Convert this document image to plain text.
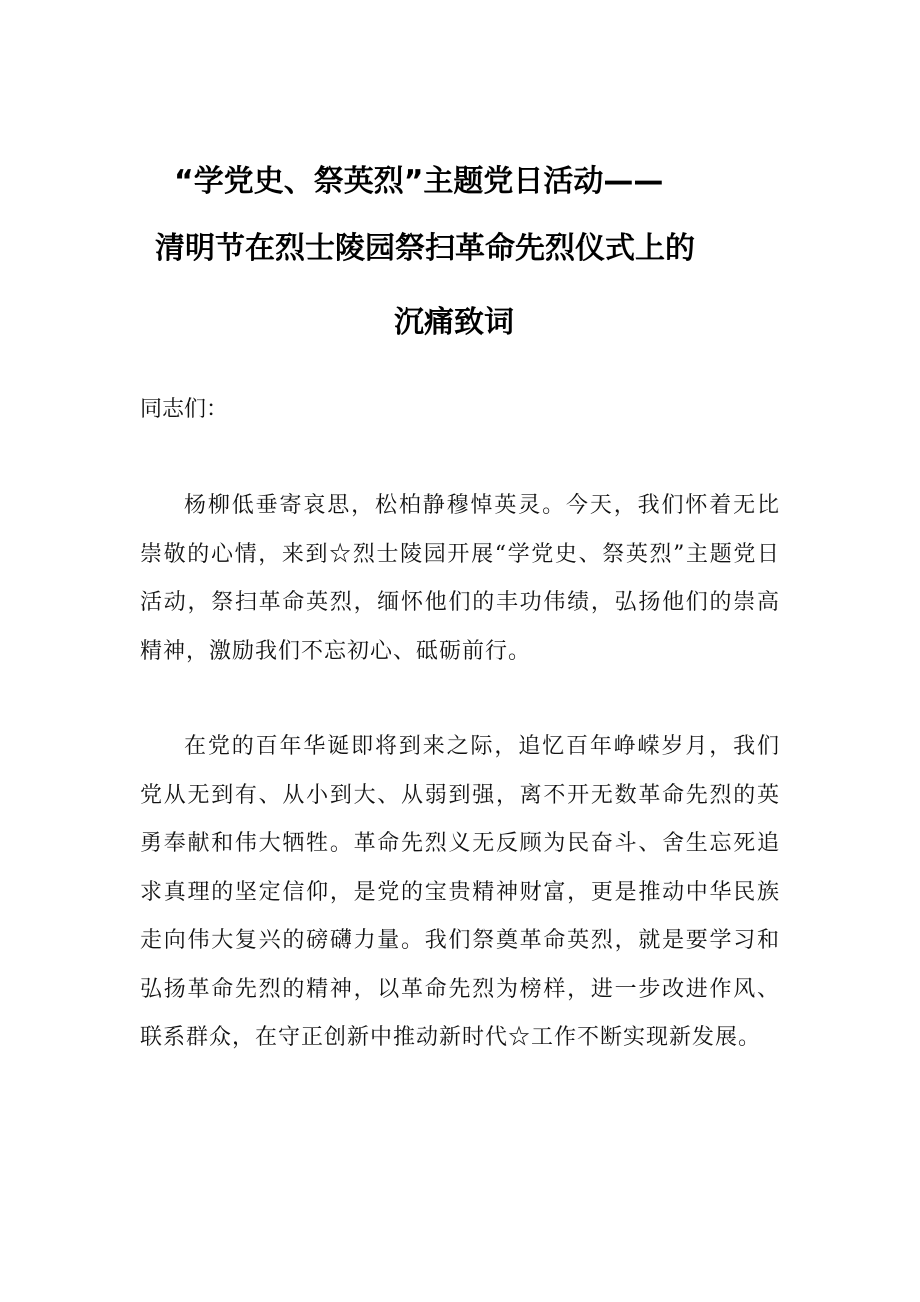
“学党史、祭英烈”主题党日活动——
清明节在烈士陵园祭扫革命先烈仪式上的
沉痛致词
同志们：

杨柳低垂寄哀思，松柏静穆悼英灵。今天，我们怀着无比崇敬的心情，来到☆烈士陵园开展“学党史、祭英烈”主题党日活动，祭扫革命英烈，缅怀他们的丰功伟绩，弘扬他们的崇高精神，激励我们不忘初心、砥砺前行。

在党的百年华诞即将到来之际，追忆百年峥嵘岁月，我们党从无到有、从小到大、从弱到强，离不开无数革命先烈的英勇奉献和伟大牺牲。革命先烈义无反顾为民奋斗、舍生忘死追求真理的坚定信仰，是党的宝贵精神财富，更是推动中华民族走向伟大复兴的磅礴力量。我们祭奠革命英烈，就是要学习和弘扬革命先烈的精神，以革命先烈为榜样，进一步改进作风、联系群众，在守正创新中推动新时代☆工作不断实现新发展。
